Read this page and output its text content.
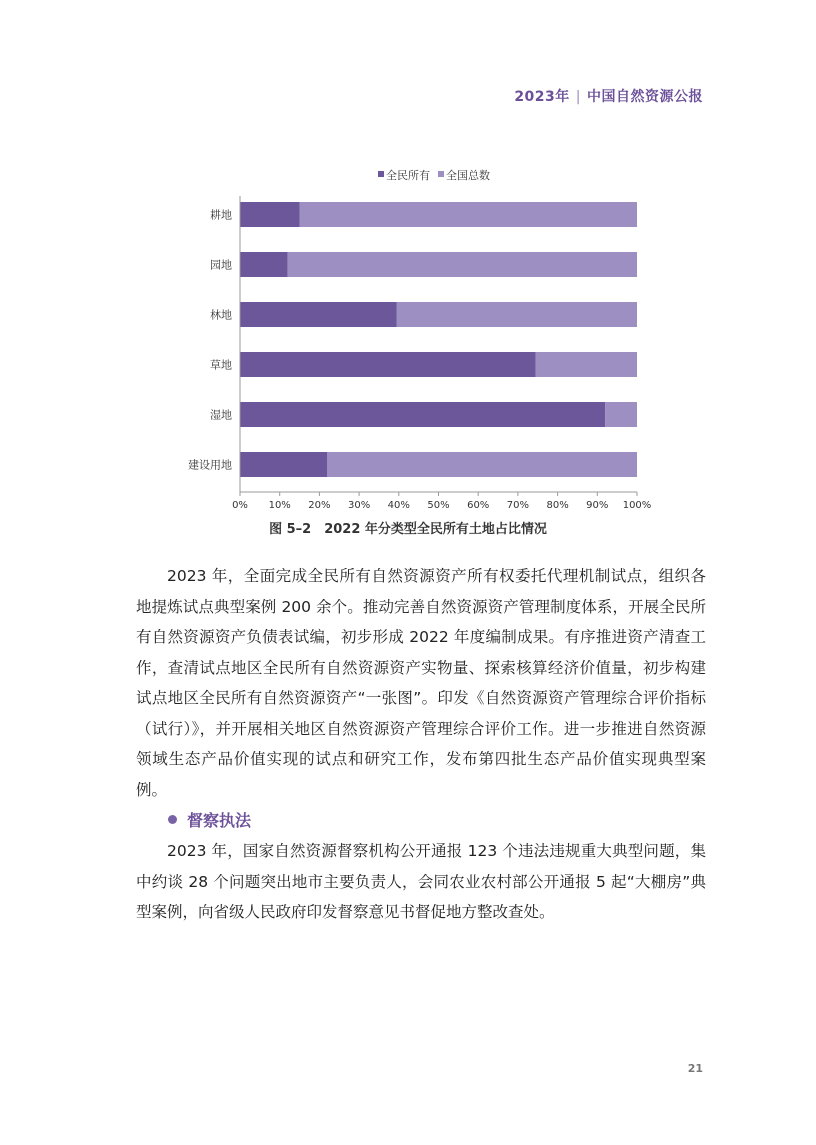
2023年 | 中国自然资源公报
全民所有 全国总数
耕地
园地
林地
草地
湿地
建设用地
0% 10% 20% 30% 40% 50% 60% 70% 80% 90% 100%
图 5–2　2022 年分类型全民所有土地占比情况

2023 年，全面完成全民所有自然资源资产所有权委托代理机制试点，组织各地提炼试点典型案例 200 余个。推动完善自然资源资产管理制度体系，开展全民所有自然资源资产负债表试编，初步形成 2022 年度编制成果。有序推进资产清查工作，查清试点地区全民所有自然资源资产实物量、探索核算经济价值量，初步构建试点地区全民所有自然资源资产“一张图”。印发《自然资源资产管理综合评价指标（试行）》，并开展相关地区自然资源资产管理综合评价工作。进一步推进自然资源领域生态产品价值实现的试点和研究工作，发布第四批生态产品价值实现典型案例。

督察执法

2023 年，国家自然资源督察机构公开通报 123 个违法违规重大典型问题，集中约谈 28 个问题突出地市主要负责人，会同农业农村部公开通报 5 起“大棚房”典型案例，向省级人民政府印发督察意见书督促地方整改查处。

21
